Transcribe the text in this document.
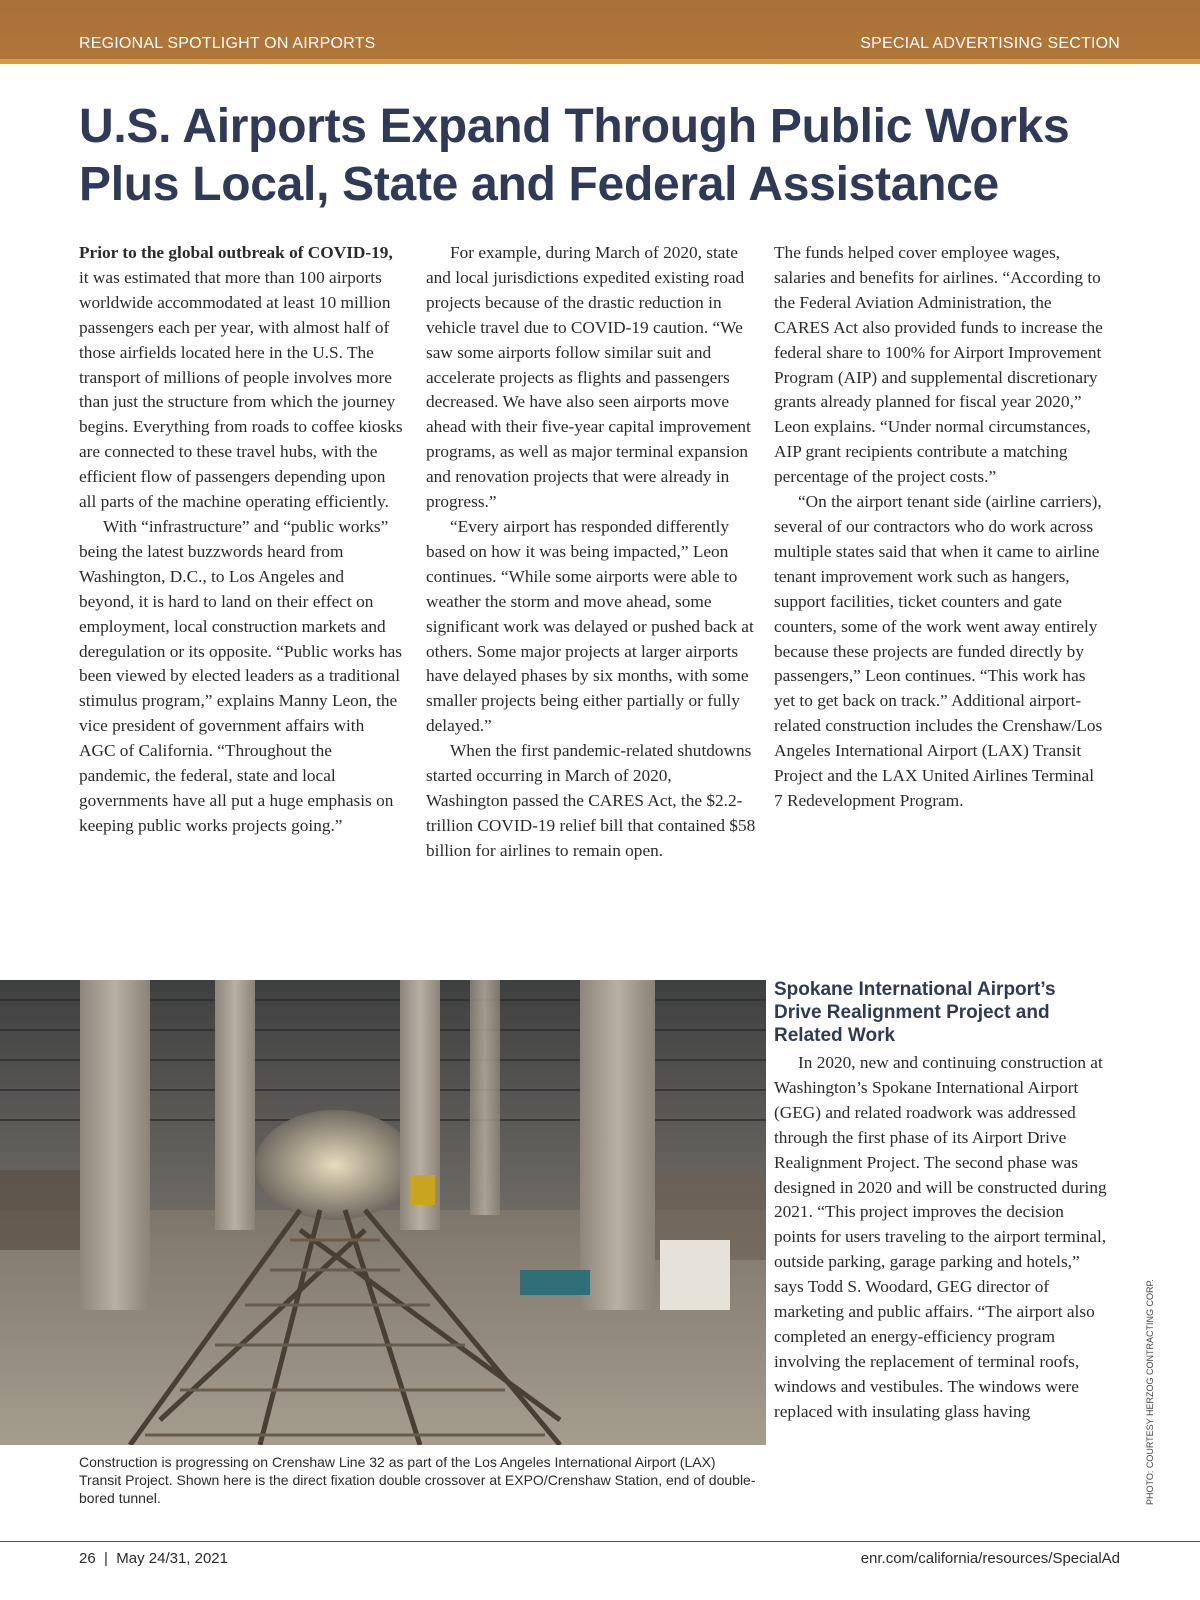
REGIONAL SPOTLIGHT ON AIRPORTS	SPECIAL ADVERTISING SECTION
U.S. Airports Expand Through Public Works
Plus Local, State and Federal Assistance

Prior to the global outbreak of COVID-19, it was estimated that more than 100 airports worldwide accommodated at least 10 million passengers each per year, with almost half of those airfields located here in the U.S. The transport of millions of people involves more than just the structure from which the journey begins. Everything from roads to coffee kiosks are connected to these travel hubs, with the efficient flow of passengers depending upon all parts of the machine operating efficiently.

With “infrastructure” and “public works” being the latest buzzwords heard from Washington, D.C., to Los Angeles and beyond, it is hard to land on their effect on employment, local construction markets and deregulation or its opposite. “Public works has been viewed by elected leaders as a traditional stimulus program,” explains Manny Leon, the vice president of government affairs with AGC of California. “Throughout the pandemic, the federal, state and local governments have all put a huge emphasis on keeping public works projects going.”

For example, during March of 2020, state and local jurisdictions expedited existing road projects because of the drastic reduction in vehicle travel due to COVID-19 caution. “We saw some airports follow similar suit and accelerate projects as flights and passengers decreased. We have also seen airports move ahead with their five-year capital improvement programs, as well as major terminal expansion and renovation projects that were already in progress.”

“Every airport has responded differently based on how it was being impacted,” Leon continues. “While some airports were able to weather the storm and move ahead, some significant work was delayed or pushed back at others. Some major projects at larger airports have delayed phases by six months, with some smaller projects being either partially or fully delayed.”

When the first pandemic-related shutdowns started occurring in March of 2020, Washington passed the CARES Act, the $2.2-trillion COVID-19 relief bill that contained $58 billion for airlines to remain open.

The funds helped cover employee wages, salaries and benefits for airlines. “According to the Federal Aviation Administration, the CARES Act also provided funds to increase the federal share to 100% for Airport Improvement Program (AIP) and supplemental discretionary grants already planned for fiscal year 2020,” Leon explains. “Under normal circumstances, AIP grant recipients contribute a matching percentage of the project costs.”

“On the airport tenant side (airline carriers), several of our contractors who do work across multiple states said that when it came to airline tenant improvement work such as hangers, support facilities, ticket counters and gate counters, some of the work went away entirely because these projects are funded directly by passengers,” Leon continues. “This work has yet to get back on track.” Additional airport-related construction includes the Crenshaw/Los Angeles International Airport (LAX) Transit Project and the LAX United Airlines Terminal 7 Redevelopment Program.

Spokane International Airport’s
Drive Realignment Project and
Related Work

In 2020, new and continuing construction at Washington’s Spokane International Airport (GEG) and related roadwork was addressed through the first phase of its Airport Drive Realignment Project. The second phase was designed in 2020 and will be constructed during 2021. “This project improves the decision points for users traveling to the airport terminal, outside parking, garage parking and hotels,” says Todd S. Woodard, GEG director of marketing and public affairs. “The airport also completed an energy-efficiency program involving the replacement of terminal roofs, windows and vestibules. The windows were replaced with insulating glass having

Construction is progressing on Crenshaw Line 32 as part of the Los Angeles International Airport (LAX) Transit Project. Shown here is the direct fixation double crossover at EXPO/Crenshaw Station, end of double-bored tunnel.	PHOTO: COURTESY HERZOG CONTRACTING CORP.
26  |  May 24/31, 2021	enr.com/california/resources/SpecialAd
